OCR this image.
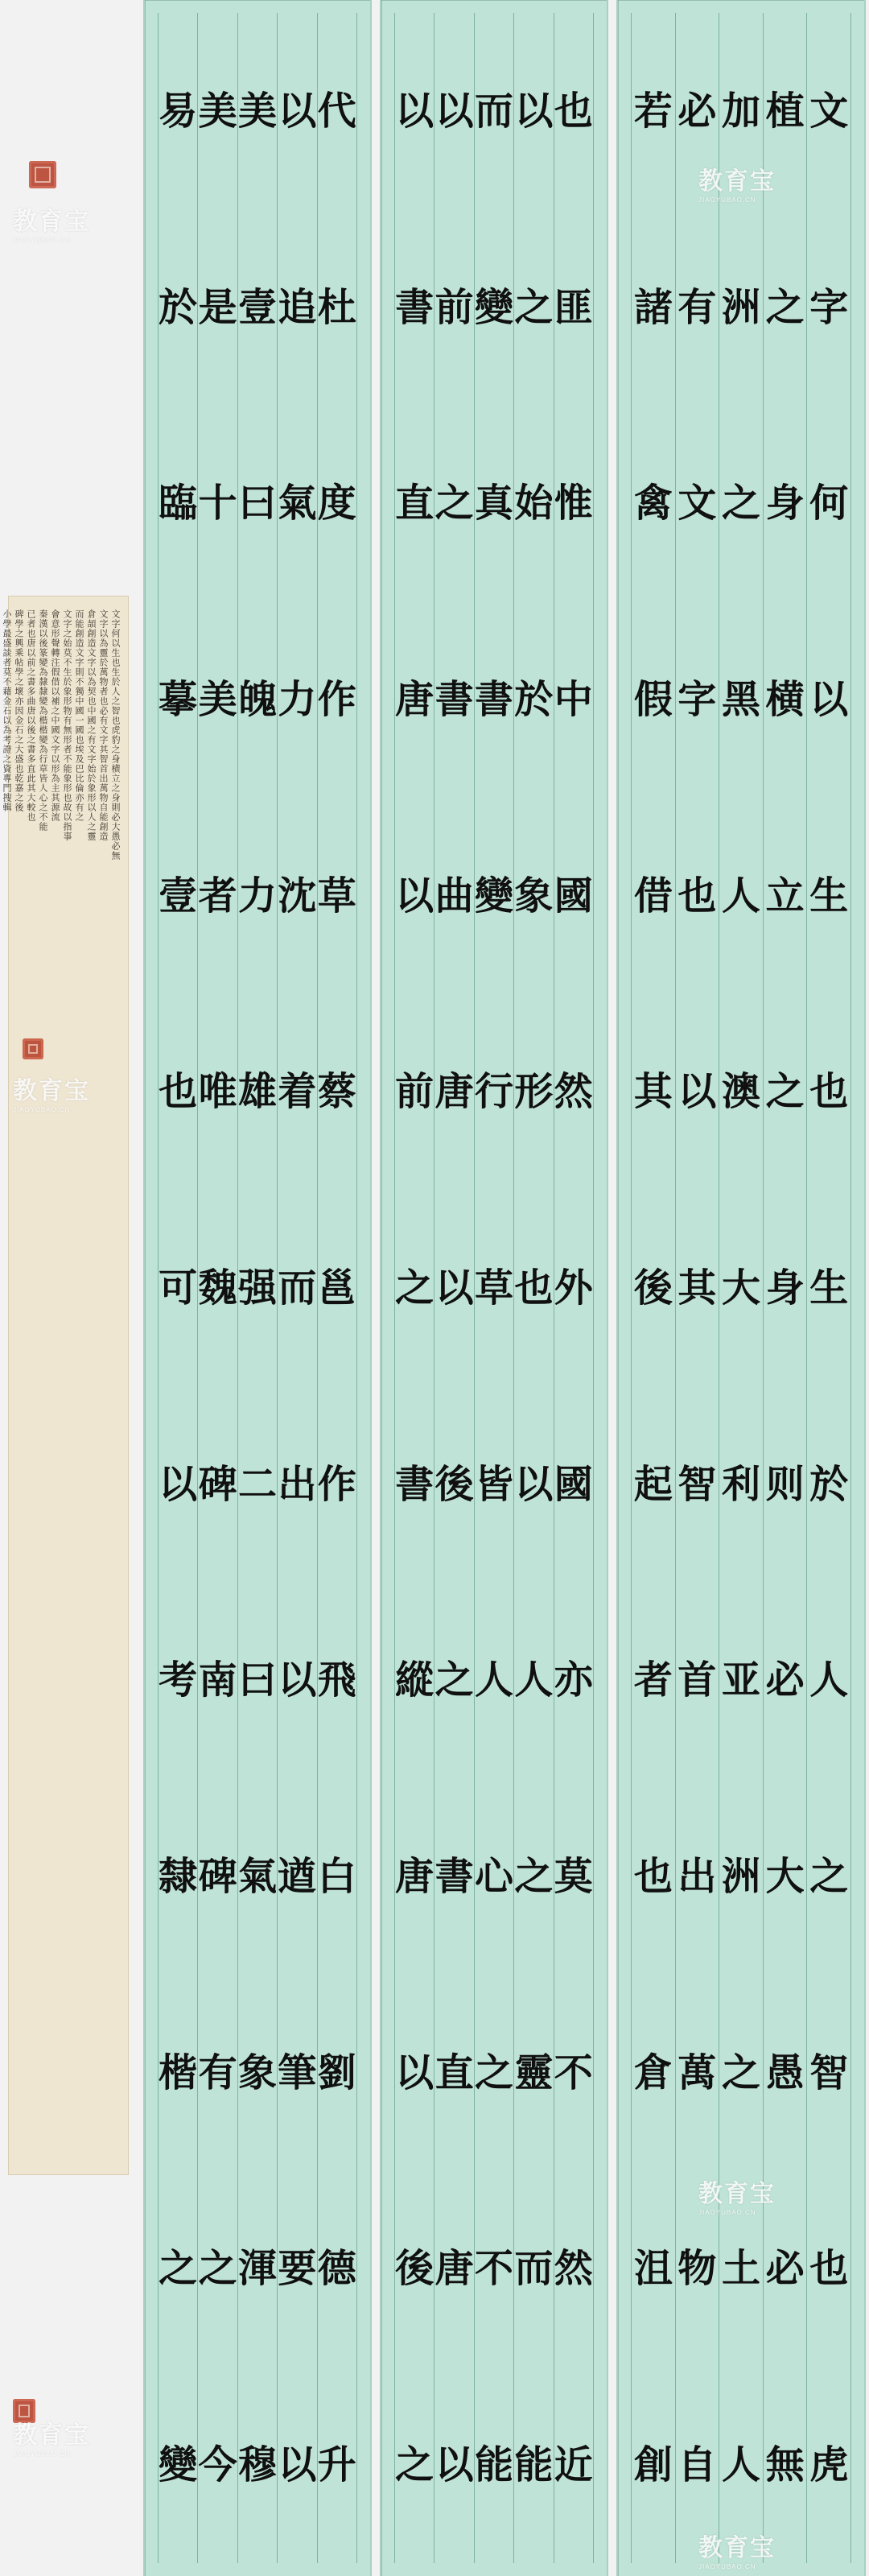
文字何以生也生於人之智也虎豹之身横立之身則必大愚必無
文字以為靈於萬物者也必有文字其智首出萬物自能創造
倉頡創造文字以為契也中國之有文字始於象形以人之靈
而能創造文字則不獨中國一國也埃及巴比倫亦有之
文字之始莫不生於象形物有無形者不能象形也故以指事
會意形聲轉注假借以補之中國文字以形為主其源流
秦漢以後篆變為隸隸變為楷楷變為行草皆人心之不能
已者也唐以前之書多曲唐以後之書多直此其大較也
碑學之興乘帖學之壞亦因金石之大盛也乾嘉之後
小學最盛談者莫不藉金石以為考證之資專門搜輯
代
杜
度
作
草
蔡
邕
作
飛
白
劉
德
升
以
追
氣
力
沈
着
而
出
以
遒
筆
要
以
美
壹
曰
魄
力
雄
强
二
曰
氣
象
渾
穆
美
是
十
美
者
唯
魏
碑
南
碑
有
之
今
易
於
臨
摹
壹
也
可
以
考
隸
楷
之
變
也
匪
惟
中
國
然
外
國
亦
莫
不
然
近
以
之
始
於
象
形
也
以
人
之
靈
而
能
而
變
真
書
變
行
草
皆
人
心
之
不
能
以
前
之
書
曲
唐
以
後
之
書
直
唐
以
以
書
直
唐
以
前
之
書
縱
唐
以
後
之
文
字
何
以
生
也
生
於
人
之
智
也
虎
植
之
身
横
立
之
身
则
必
大
愚
必
無
加
洲
之
黑
人
澳
大
利
亚
洲
之
土
人
必
有
文
字
也
以
其
智
首
出
萬
物
自
若
諸
禽
假
借
其
後
起
者
也
倉
沮
創
教育宝
JIAOYUBAO.CN
教育宝
JIAOYUBAO.CN
教育宝
JIAOYUBAO.CN
教育宝
JIAOYUBAO.CN
教育宝
JIAOYUBAO.CN
教育宝
JIAOYUBAO.CN
